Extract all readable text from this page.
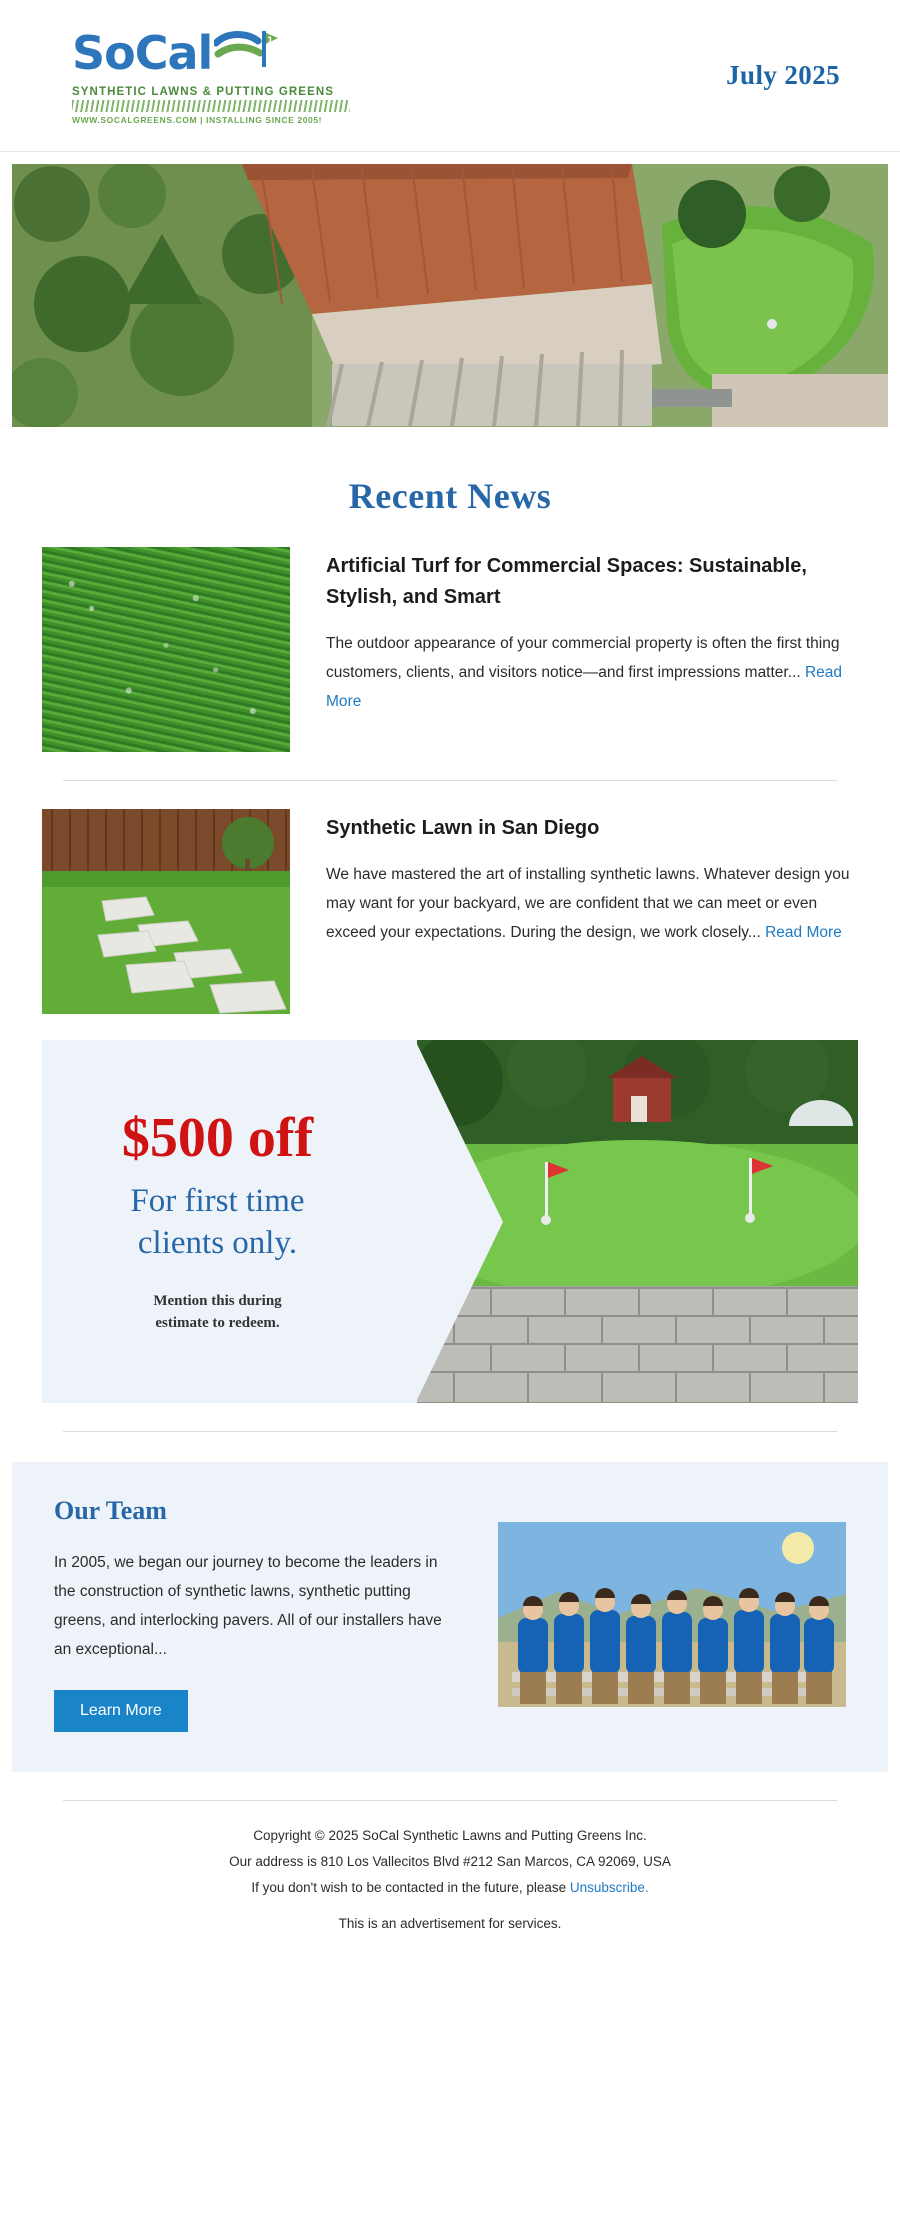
SoCal	1
SYNTHETIC LAWNS & PUTTING GREENS
WWW.SOCALGREENS.COM | INSTALLING SINCE 2005!
July 2025
Recent News
Artificial Turf for Commercial Spaces: Sustainable, Stylish, and Smart

The outdoor appearance of your commercial property is often the first thing customers, clients, and visitors notice—and first impressions matter... Read More

Synthetic Lawn in San Diego

We have mastered the art of installing synthetic lawns. Whatever design you may want for your backyard, we are confident that we can meet or even exceed your expectations. During the design, we work closely... Read More

$500 off
For first time
clients only.
Mention this during
estimate to redeem.
Our Team

In 2005, we began our journey to become the leaders in the construction of synthetic lawns, synthetic putting greens, and interlocking pavers. All of our installers have an exceptional...

Learn More
Copyright © 2025 SoCal Synthetic Lawns and Putting Greens Inc.
Our address is 810 Los Vallecitos Blvd #212 San Marcos, CA 92069, USA
If you don't wish to be contacted in the future, please Unsubscribe.
This is an advertisement for services.
